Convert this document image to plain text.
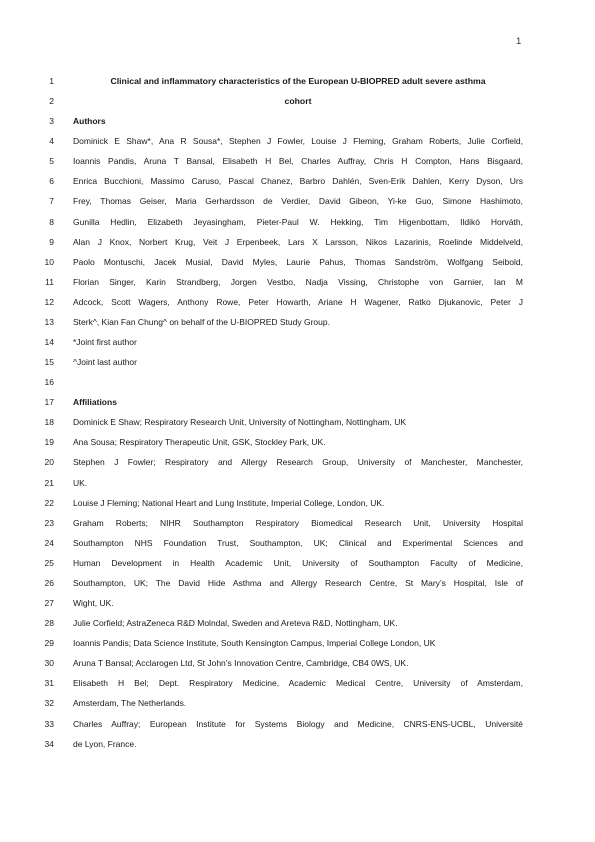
1
1
2
3
4
5
6
7
8
9
10
11
12
13
14
15
16
17
18
19
20
21
22
23
24
25
26
27
28
29
30
31
32
33
34
Clinical and inflammatory characteristics of the European U-BIOPRED adult severe asthma
cohort
Authors
Dominick E Shaw*, Ana R Sousa*, Stephen J Fowler, Louise J Fleming, Graham Roberts, Julie Corfield,
Ioannis Pandis, Aruna T Bansal, Elisabeth H Bel, Charles Auffray, Chris H Compton, Hans Bisgaard,
Enrica Bucchioni, Massimo Caruso, Pascal Chanez, Barbro Dahlén, Sven-Erik Dahlen, Kerry Dyson, Urs
Frey, Thomas Geiser, Maria Gerhardsson de Verdier, David Gibeon, Yi-ke Guo, Simone Hashimoto,
Gunilla Hedlin, Elizabeth Jeyasingham, Pieter-Paul W. Hekking, Tim Higenbottam, Ildikó Horváth,
Alan J Knox, Norbert Krug, Veit J Erpenbeek, Lars X Larsson, Nikos Lazarinis, Roelinde Middelveld,
Paolo Montuschi, Jacek Musial, David Myles, Laurie Pahus, Thomas Sandström, Wolfgang Seibold,
Florian Singer, Karin Strandberg, Jorgen Vestbo, Nadja Vissing, Christophe von Garnier, Ian M
Adcock, Scott Wagers, Anthony Rowe, Peter Howarth, Ariane H Wagener, Ratko Djukanovic, Peter J
Sterk^, Kian Fan Chung^ on behalf of the U-BIOPRED Study Group.
*Joint first author
^Joint last author
Affiliations
Dominick E Shaw; Respiratory Research Unit, University of Nottingham, Nottingham, UK
Ana Sousa; Respiratory Therapeutic Unit, GSK, Stockley Park, UK.
Stephen J Fowler; Respiratory and Allergy Research Group, University of Manchester, Manchester,
UK.
Louise J Fleming; National Heart and Lung Institute, Imperial College, London, UK.
Graham Roberts; NIHR Southampton Respiratory Biomedical Research Unit, University Hospital
Southampton NHS Foundation Trust, Southampton, UK; Clinical and Experimental Sciences and
Human Development in Health Academic Unit, University of Southampton Faculty of Medicine,
Southampton, UK; The David Hide Asthma and Allergy Research Centre, St Mary’s Hospital, Isle of
Wight, UK.
Julie Corfield; AstraZeneca R&D Molndal, Sweden and Areteva R&D, Nottingham, UK.
Ioannis Pandis; Data Science Institute, South Kensington Campus, Imperial College London, UK
Aruna T Bansal; Acclarogen Ltd, St John’s Innovation Centre, Cambridge, CB4 0WS, UK.
Elisabeth H Bel; Dept. Respiratory Medicine, Academic Medical Centre, University of Amsterdam,
Amsterdam, The Netherlands.
Charles Auffray; European Institute for Systems Biology and Medicine, CNRS-ENS-UCBL, Université
de Lyon, France.
